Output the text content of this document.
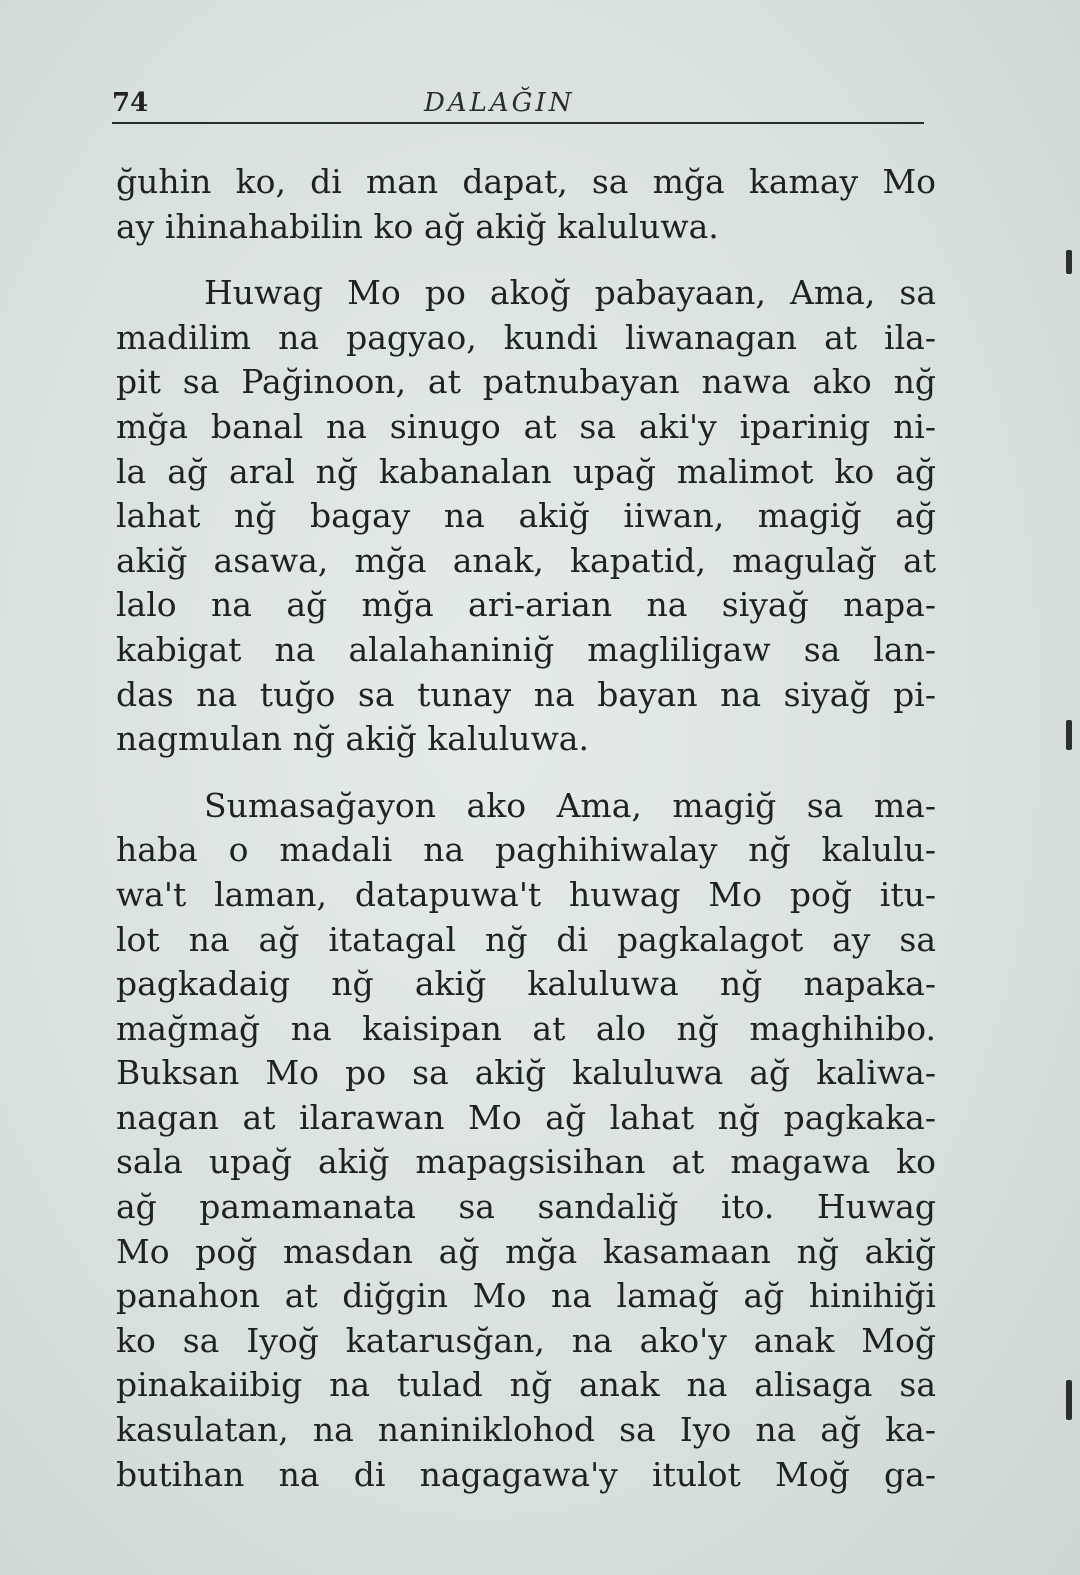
74	DALAĞIN
ğuhin ko, di man dapat, sa mğa kamay Mo
ay ihinahabilin ko ağ akiğ kaluluwa.
Huwag Mo po akoğ pabayaan, Ama, sa
madilim na pagyao, kundi liwanagan at ila-
pit sa Pağinoon, at patnubayan nawa ako nğ
mğa banal na sinugo at sa aki'y iparinig ni-
la ağ aral nğ kabanalan upağ malimot ko ağ
lahat nğ bagay na akiğ iiwan, magiğ ağ
akiğ asawa, mğa anak, kapatid, magulağ at
lalo na ağ mğa ari-arian na siyağ napa-
kabigat na alalahaniniğ magliligaw sa lan-
das na tuğo sa tunay na bayan na siyağ pi-
nagmulan nğ akiğ kaluluwa.
Sumasağayon ako Ama, magiğ sa ma-
haba o madali na paghihiwalay nğ kalulu-
wa't laman, datapuwa't huwag Mo poğ itu-
lot na ağ itatagal nğ di pagkalagot ay sa
pagkadaig nğ akiğ kaluluwa nğ napaka-
mağmağ na kaisipan at alo nğ maghihibo.
Buksan Mo po sa akiğ kaluluwa ağ kaliwa-
nagan at ilarawan Mo ağ lahat nğ pagkaka-
sala upağ akiğ mapagsisihan at magawa ko
ağ pamamanata sa sandaliğ ito. Huwag
Mo poğ masdan ağ mğa kasamaan nğ akiğ
panahon at diğgin Mo na lamağ ağ hinihiği
ko sa Iyoğ katarusğan, na ako'y anak Moğ
pinakaiibig na tulad nğ anak na alisaga sa
kasulatan, na naniniklohod sa Iyo na ağ ka-
butihan na di nagagawa'y itulot Moğ ga-
